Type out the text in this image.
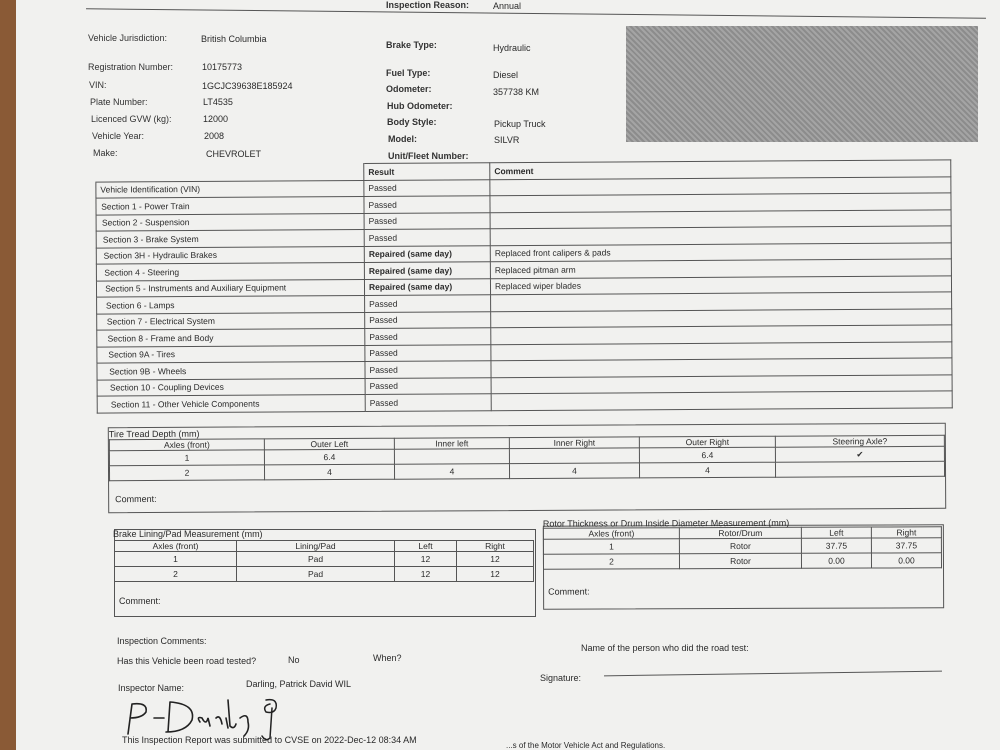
Inspection Reason:	Annual
Vehicle Jurisdiction:	British Columbia
Registration Number:	10175773
VIN:	1GCJC39638E185924
Plate Number:	LT4535
Licenced GVW (kg):	12000
Vehicle Year:	2008
Make:	CHEVROLET
Brake Type:	Hydraulic
Fuel Type:	Diesel
Odometer:	357738 KM
Hub Odometer:
Body Style:	Pickup Truck
Model:	SILVR
Unit/Fleet Number:
	Result	Comment
Vehicle Identification (VIN)	Passed	
Section 1 - Power Train	Passed	
Section 2 - Suspension	Passed	
Section 3 - Brake System	Passed	
Section 3H - Hydraulic Brakes	Repaired (same day)	Replaced front calipers & pads
Section 4 - Steering	Repaired (same day)	Replaced pitman arm
Section 5 - Instruments and Auxiliary Equipment	Repaired (same day)	Replaced wiper blades
Section 6 - Lamps	Passed	
Section 7 - Electrical System	Passed	
Section 8 - Frame and Body	Passed	
Section 9A - Tires	Passed	
Section 9B - Wheels	Passed	
Section 10 - Coupling Devices	Passed	
Section 11 - Other Vehicle Components	Passed	
Tire Tread Depth (mm)
Axles (front)	Outer Left	Inner left	Inner Right	Outer Right	Steering Axle?
1	6.4			6.4	✔
2	4	4	4	4	
Comment:
Brake Lining/Pad Measurement (mm)
Axles (front)	Lining/Pad	Left	Right
1	Pad	12	12
2	Pad	12	12
Comment:
Rotor Thickness or Drum Inside Diameter Measurement (mm)
Axles (front)	Rotor/Drum	Left	Right
1	Rotor	37.75	37.75
2	Rotor	0.00	0.00
Comment:
Inspection Comments:
Has this Vehicle been road tested?	No	When?
Name of the person who did the road test:
Inspector Name:	Darling, Patrick David WIL
Signature:
This Inspection Report was submitted to CVSE on 2022-Dec-12 08:34 AM
...s of the Motor Vehicle Act and Regulations.
